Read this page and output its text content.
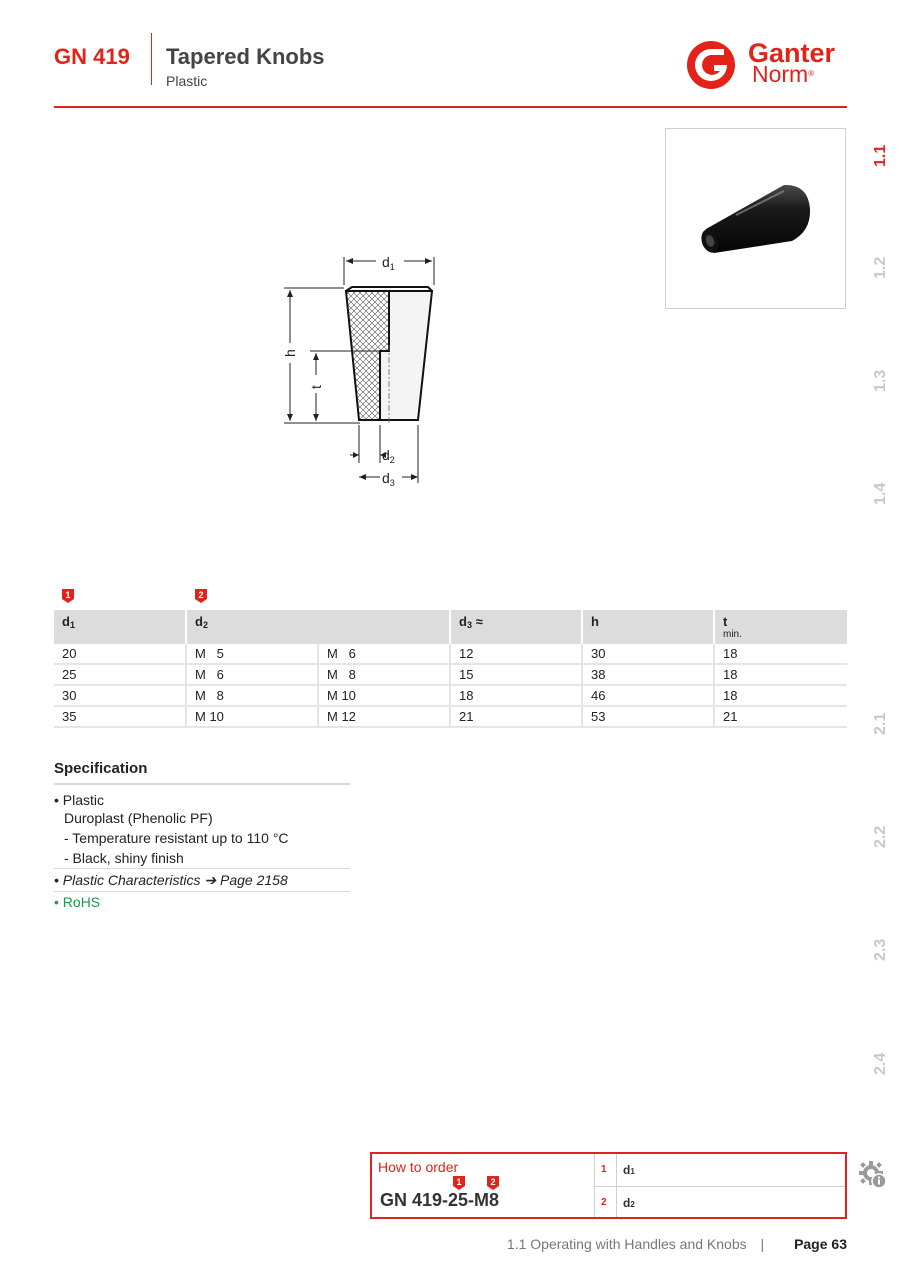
GN 419 Tapered Knobs
Plastic
Ganter
Norm®
1.1
1.2
1.3
1.4
2.1
2.2
2.3
2.4
$d_1$
h
t
$d_2$
$d_3$
1	2
$d_1$	$d_2$		$d_3$ ≈	h	t
min.

20	M   5	M   6	12	30	18
25	M   6	M   8	15	38	18
30	M   8	M 10	18	46	18
35	M 10	M 12	21	53	21
Specification
• Plastic
Duroplast (Phenolic PF)
- Temperature resistant up to 110 °C
- Black, shiny finish
• Plastic Characteristics ➔ Page 2158
• RoHS
How to order
1	2
GN 419-25-M8
1 d1
2 d2
1.1 Operating with Handles and Knobs | Page 63
